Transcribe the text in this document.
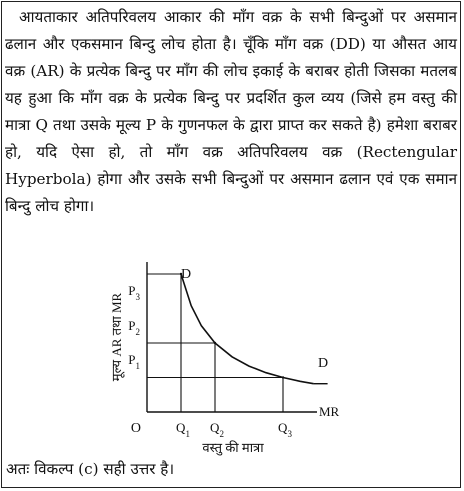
आयताकार अतिपरिवलय आकार की माँग वक्र के सभी बिन्दुओं पर असमान ढलान और एकसमान बिन्दु लोच होता है। चूँकि माँग वक्र (DD) या औसत आय वक्र (AR) के प्रत्येक बिन्दु पर माँग की लोच इकाई के बराबर होती जिसका मतलब यह हुआ कि माँग वक्र के प्रत्येक बिन्दु पर प्रदर्शित कुल व्यय (जिसे हम वस्तु की मात्रा Q तथा उसके मूल्य P के गुणनफल के द्वारा प्राप्त कर सकते है) हमेशा बराबर हो, यदि ऐसा हो, तो माँग वक्र अतिपरिवलय वक्र (Rectengular Hyperbola) होगा और उसके सभी बिन्दुओं पर असमान ढलान एवं एक समान बिन्दु लोच होगा।

D
D
MR
O
वस्तु की मात्रा
मूल्य AR तथा MR
$P_3$
$P_2$
$P_1$
$Q_1$ $Q_2$	$Q_3$

अतः विकल्प (c) सही उत्तर है।
